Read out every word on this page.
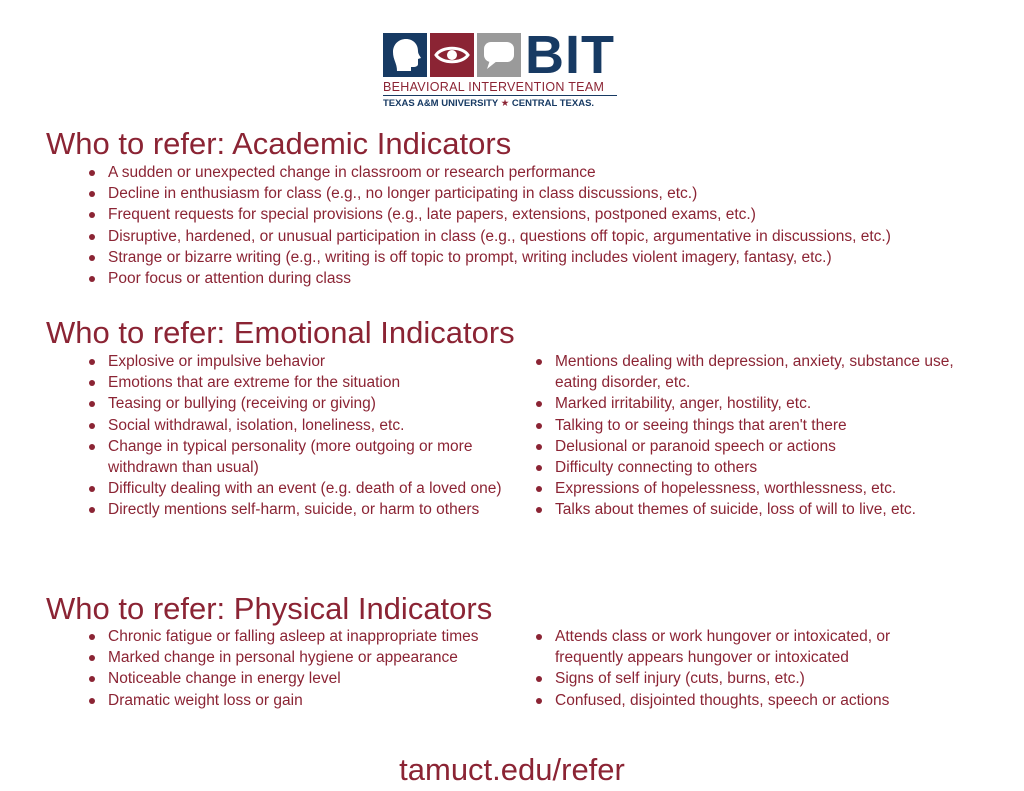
BIT
BEHAVIORAL INTERVENTION TEAM
TEXAS A&M UNIVERSITY ★ CENTRAL TEXAS.
Who to refer: Academic Indicators
A sudden or unexpected change in classroom or research performance
Decline in enthusiasm for class (e.g., no longer participating in class discussions, etc.)
Frequent requests for special provisions (e.g., late papers, extensions, postponed exams, etc.)
Disruptive, hardened, or unusual participation in class (e.g., questions off topic, argumentative in discussions, etc.)
Strange or bizarre writing (e.g., writing is off topic to prompt, writing includes violent imagery, fantasy, etc.)
Poor focus or attention during class
Who to refer: Emotional Indicators
Explosive or impulsive behavior
Emotions that are extreme for the situation
Teasing or bullying (receiving or giving)
Social withdrawal, isolation, loneliness, etc.
Change in typical personality (more outgoing or more withdrawn than usual)
Difficulty dealing with an event (e.g. death of a loved one)
Directly mentions self-harm, suicide, or harm to others
Mentions dealing with depression, anxiety, substance use, eating disorder, etc.
Marked irritability, anger, hostility, etc.
Talking to or seeing things that aren't there
Delusional or paranoid speech or actions
Difficulty connecting to others
Expressions of hopelessness, worthlessness, etc.
Talks about themes of suicide, loss of will to live, etc.
Who to refer: Physical Indicators
Chronic fatigue or falling asleep at inappropriate times
Marked change in personal hygiene or appearance
Noticeable change in energy level
Dramatic weight loss or gain
Attends class or work hungover or intoxicated, or frequently appears hungover or intoxicated
Signs of self injury (cuts, burns, etc.)
Confused, disjointed thoughts, speech or actions
tamuct.edu/refer
